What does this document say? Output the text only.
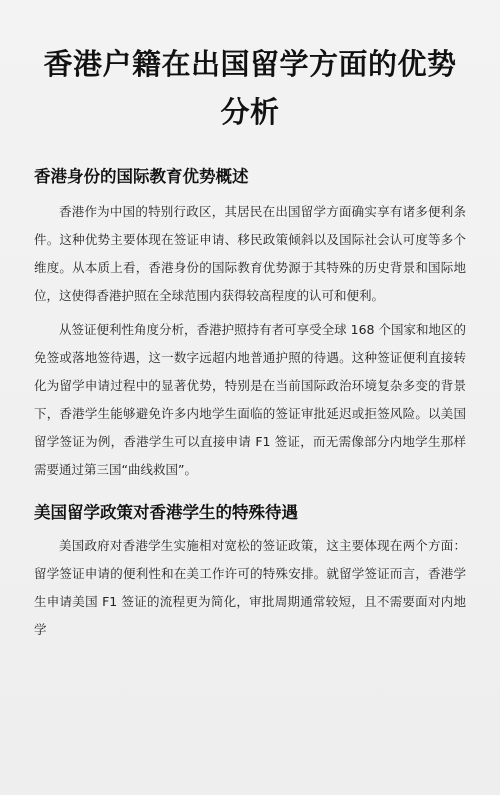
香港户籍在出国留学方面的优势分析
香港身份的国际教育优势概述

香港作为中国的特别行政区，其居民在出国留学方面确实享有诸多便利条件。这种优势主要体现在签证申请、移民政策倾斜以及国际社会认可度等多个维度。从本质上看，香港身份的国际教育优势源于其特殊的历史背景和国际地位，这使得香港护照在全球范围内获得较高程度的认可和便利。

从签证便利性角度分析，香港护照持有者可享受全球 168 个国家和地区的免签或落地签待遇，这一数字远超内地普通护照的待遇。这种签证便利直接转化为留学申请过程中的显著优势，特别是在当前国际政治环境复杂多变的背景下，香港学生能够避免许多内地学生面临的签证审批延迟或拒签风险。以美国留学签证为例，香港学生可以直接申请 F1 签证，而无需像部分内地学生那样需要通过第三国“曲线救国”。

美国留学政策对香港学生的特殊待遇

美国政府对香港学生实施相对宽松的签证政策，这主要体现在两个方面：留学签证申请的便利性和在美工作许可的特殊安排。就留学签证而言，香港学生申请美国 F1 签证的流程更为简化，审批周期通常较短，且不需要面对内地学
